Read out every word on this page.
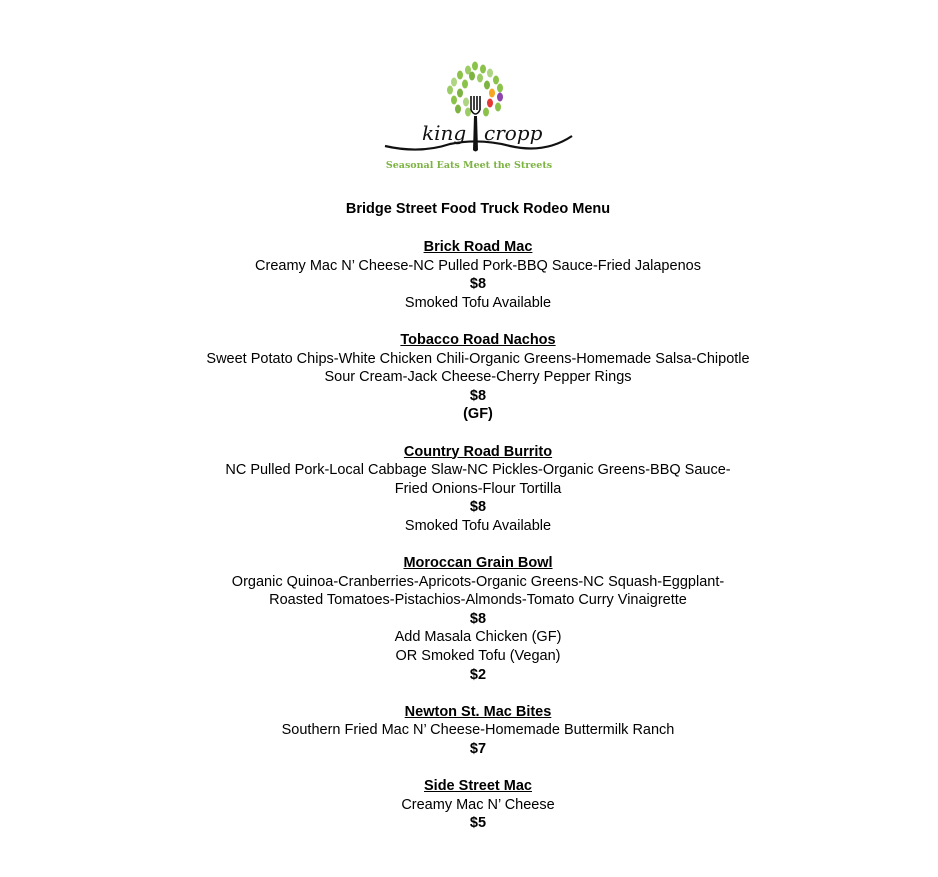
king cropp
Seasonal Eats Meet the Streets
Bridge Street Food Truck Rodeo Menu
Brick Road Mac
Creamy Mac N’ Cheese-NC Pulled Pork-BBQ Sauce-Fried Jalapenos
$8
Smoked Tofu Available
Tobacco Road Nachos
Sweet Potato Chips-White Chicken Chili-Organic Greens-Homemade Salsa-Chipotle Sour Cream-Jack Cheese-Cherry Pepper Rings
$8
(GF)
Country Road Burrito
NC Pulled Pork-Local Cabbage Slaw-NC Pickles-Organic Greens-BBQ Sauce-Fried Onions-Flour Tortilla
$8
Smoked Tofu Available
Moroccan Grain Bowl
Organic Quinoa-Cranberries-Apricots-Organic Greens-NC Squash-Eggplant-Roasted Tomatoes-Pistachios-Almonds-Tomato Curry Vinaigrette
$8
Add Masala Chicken (GF)
OR Smoked Tofu (Vegan)
$2
Newton St. Mac Bites
Southern Fried Mac N’ Cheese-Homemade Buttermilk Ranch
$7
Side Street Mac
Creamy Mac N’ Cheese
$5
